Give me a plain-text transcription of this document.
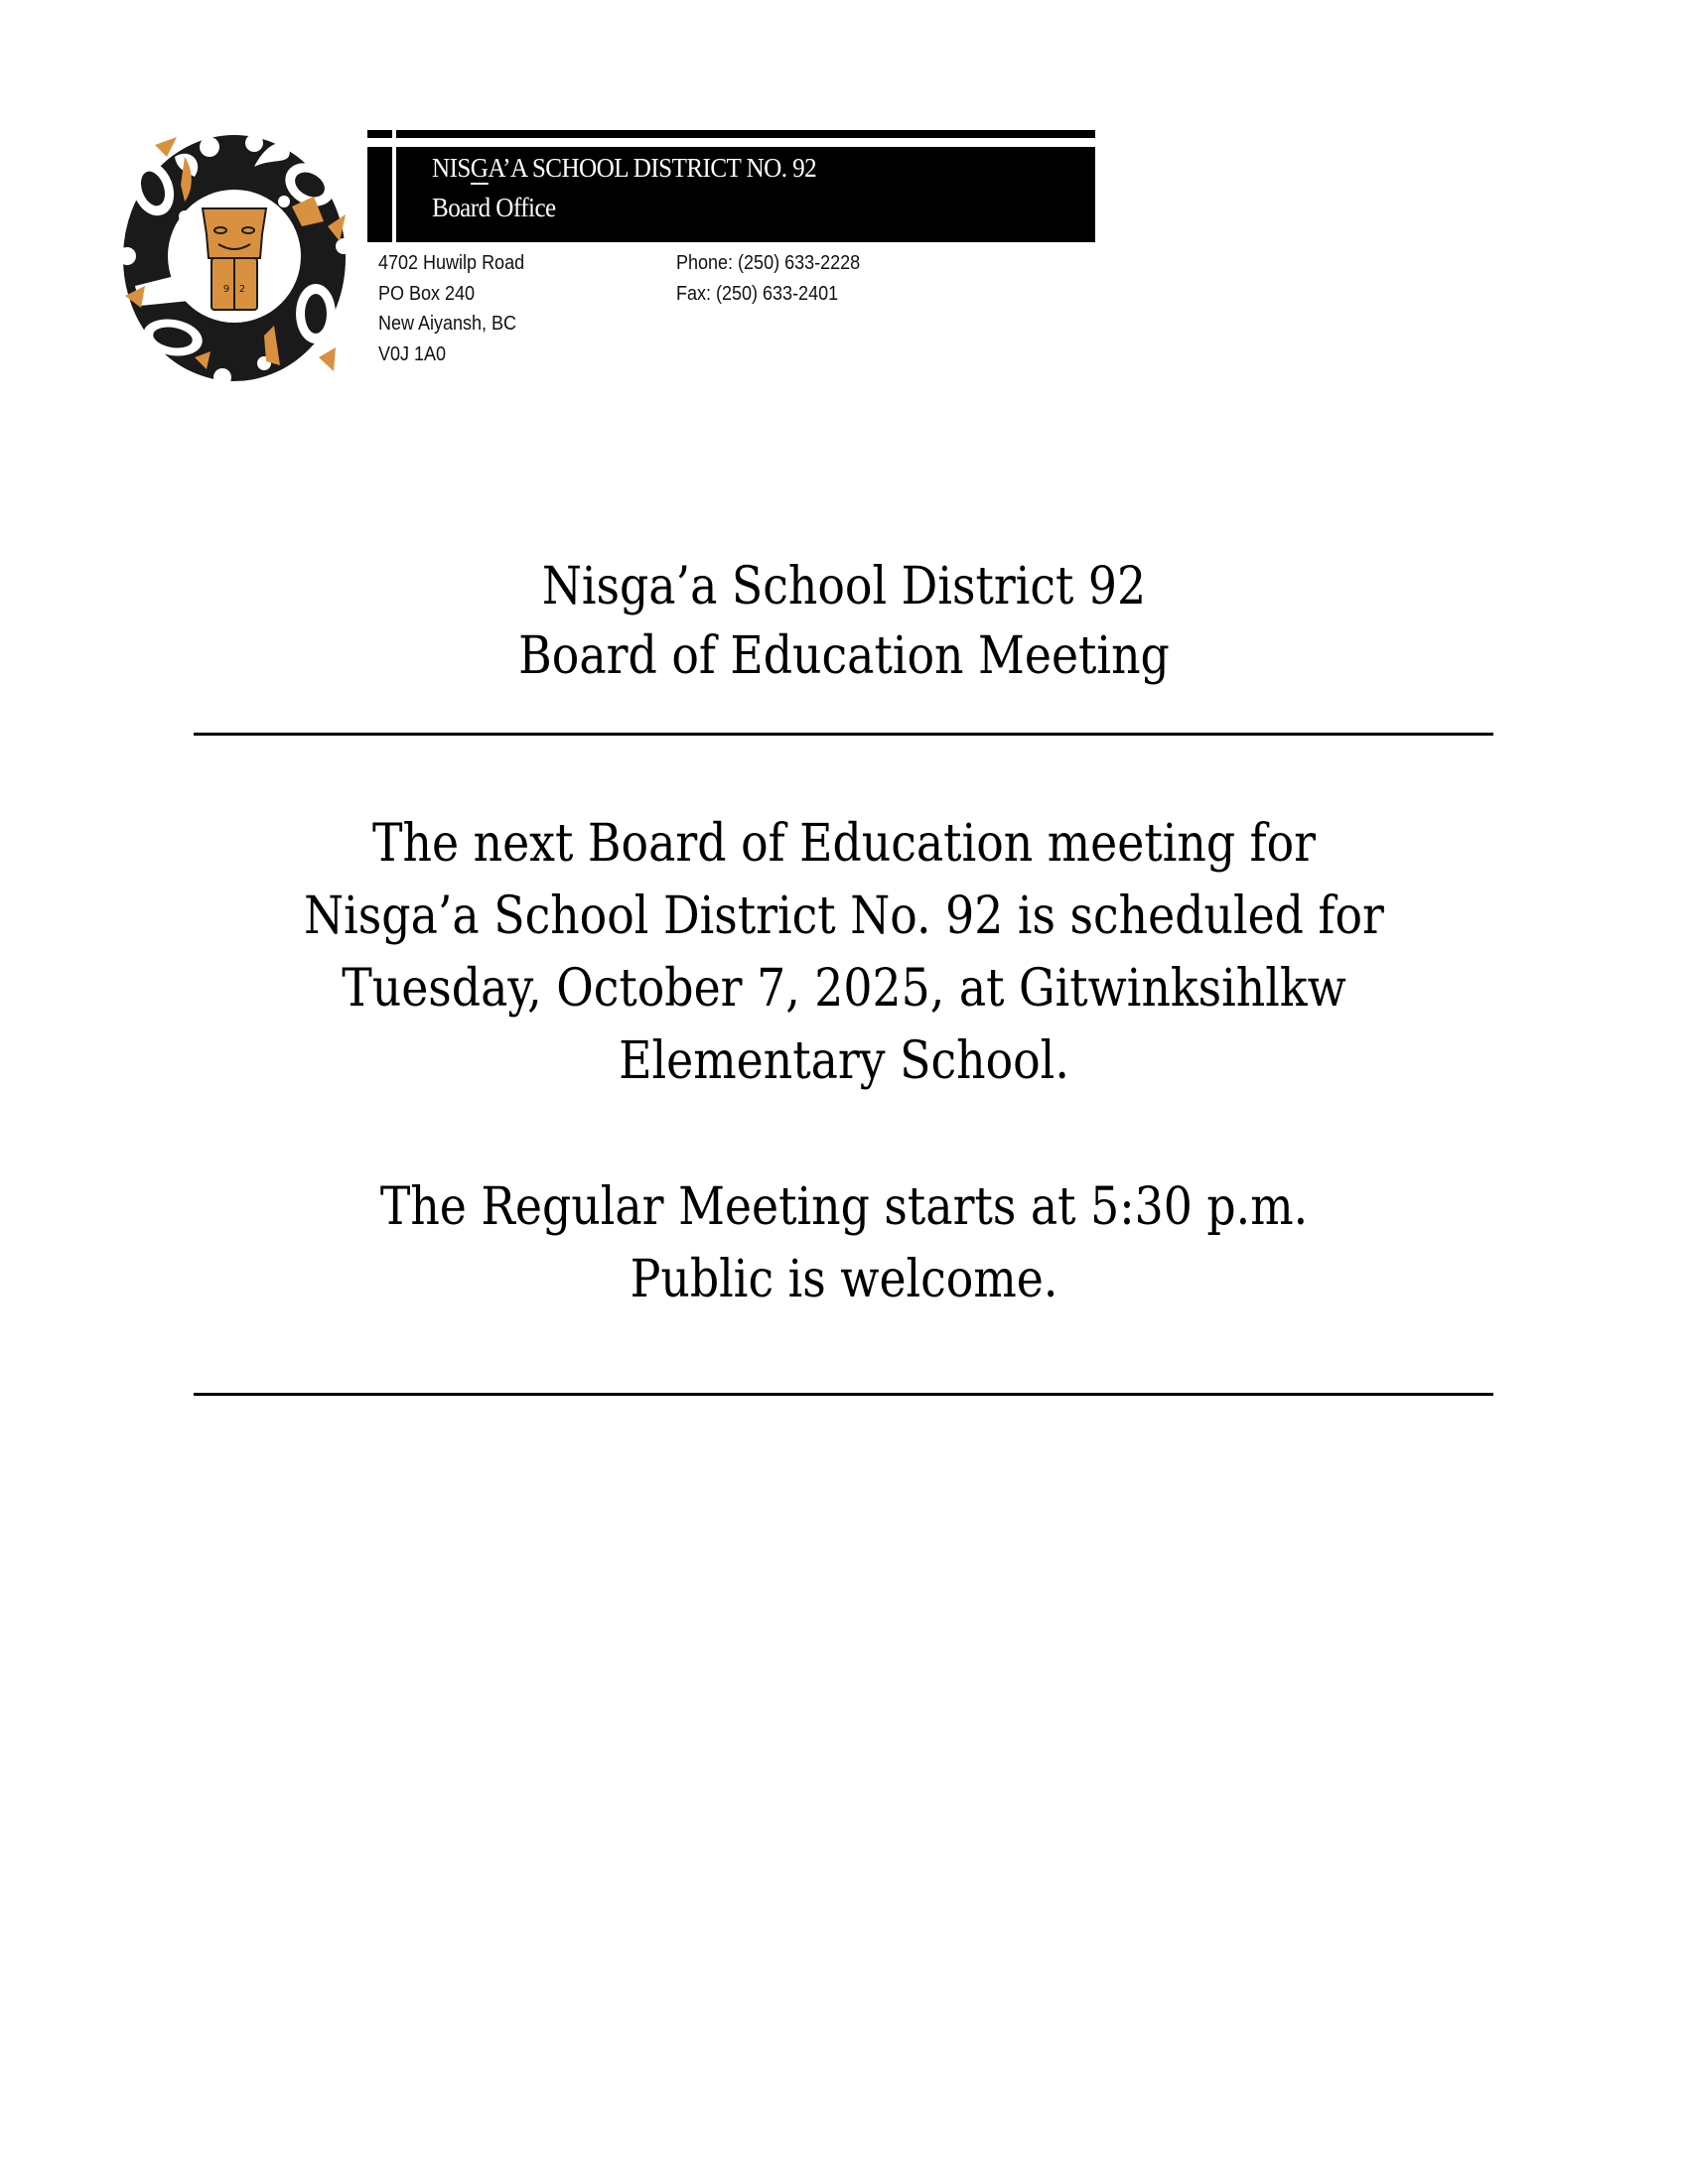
9   2
NISGA’A SCHOOL DISTRICT NO. 92
Board Office
4702 Huwilp Road
PO Box 240
New Aiyansh, BC
V0J 1A0
Phone: (250) 633-2228
Fax: (250) 633-2401
Nisga’a School District 92
Board of Education Meeting
The next Board of Education meeting for
Nisga’a School District No. 92 is scheduled for
Tuesday, October 7, 2025, at Gitwinksihlkw
Elementary School.
The Regular Meeting starts at 5:30 p.m.
Public is welcome.
